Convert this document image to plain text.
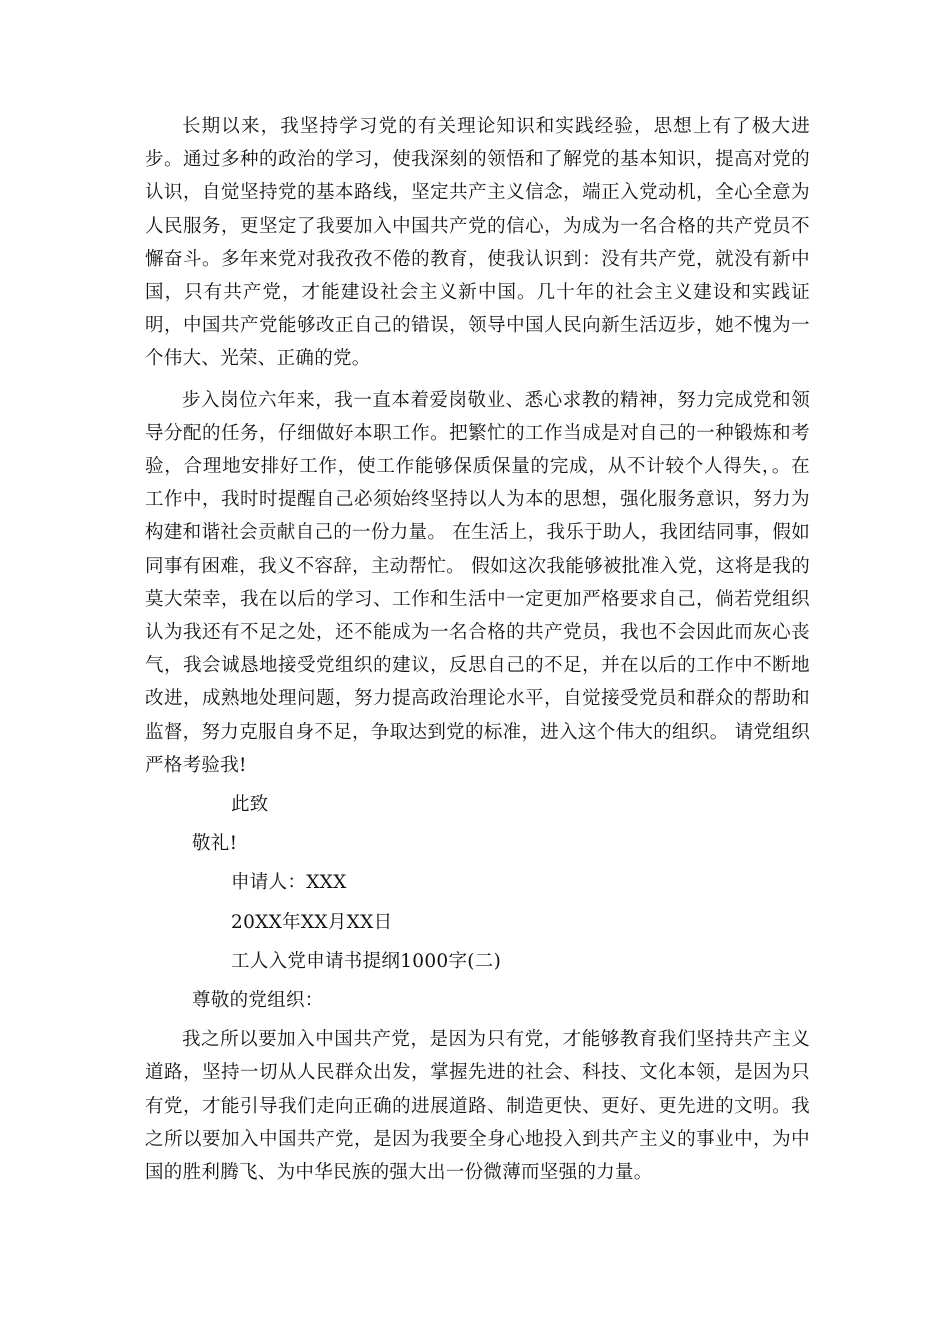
长期以来，我坚持学习党的有关理论知识和实践经验，思想上有了极大进步。通过多种的政治的学习，使我深刻的领悟和了解党的基本知识，提高对党的认识，自觉坚持党的基本路线，坚定共产主义信念，端正入党动机，全心全意为人民服务，更坚定了我要加入中国共产党的信心，为成为一名合格的共产党员不懈奋斗。多年来党对我孜孜不倦的教育，使我认识到：没有共产党，就没有新中国，只有共产党，才能建设社会主义新中国。几十年的社会主义建设和实践证明，中国共产党能够改正自己的错误，领导中国人民向新生活迈步，她不愧为一个伟大、光荣、正确的党。

步入岗位六年来，我一直本着爱岗敬业、悉心求教的精神，努力完成党和领导分配的任务，仔细做好本职工作。把繁忙的工作当成是对自己的一种锻炼和考验，合理地安排好工作，使工作能够保质保量的完成，从不计较个人得失，。在工作中，我时时提醒自己必须始终坚持以人为本的思想，强化服务意识，努力为构建和谐社会贡献自己的一份力量。 在生活上，我乐于助人，我团结同事，假如同事有困难，我义不容辞，主动帮忙。 假如这次我能够被批准入党，这将是我的莫大荣幸，我在以后的学习、工作和生活中一定更加严格要求自己，倘若党组织认为我还有不足之处，还不能成为一名合格的共产党员，我也不会因此而灰心丧气，我会诚恳地接受党组织的建议，反思自己的不足，并在以后的工作中不断地改进，成熟地处理问题，努力提高政治理论水平，自觉接受党员和群众的帮助和监督，努力克服自身不足，争取达到党的标准，进入这个伟大的组织。 请党组织严格考验我!

此致

敬礼!

申请人：XXX

20XX年XX月XX日

工人入党申请书提纲1000字(二)

尊敬的党组织：

我之所以要加入中国共产党，是因为只有党，才能够教育我们坚持共产主义道路，坚持一切从人民群众出发，掌握先进的社会、科技、文化本领，是因为只有党，才能引导我们走向正确的进展道路、制造更快、更好、更先进的文明。我之所以要加入中国共产党，是因为我要全身心地投入到共产主义的事业中，为中国的胜利腾飞、为中华民族的强大出一份微薄而坚强的力量。
